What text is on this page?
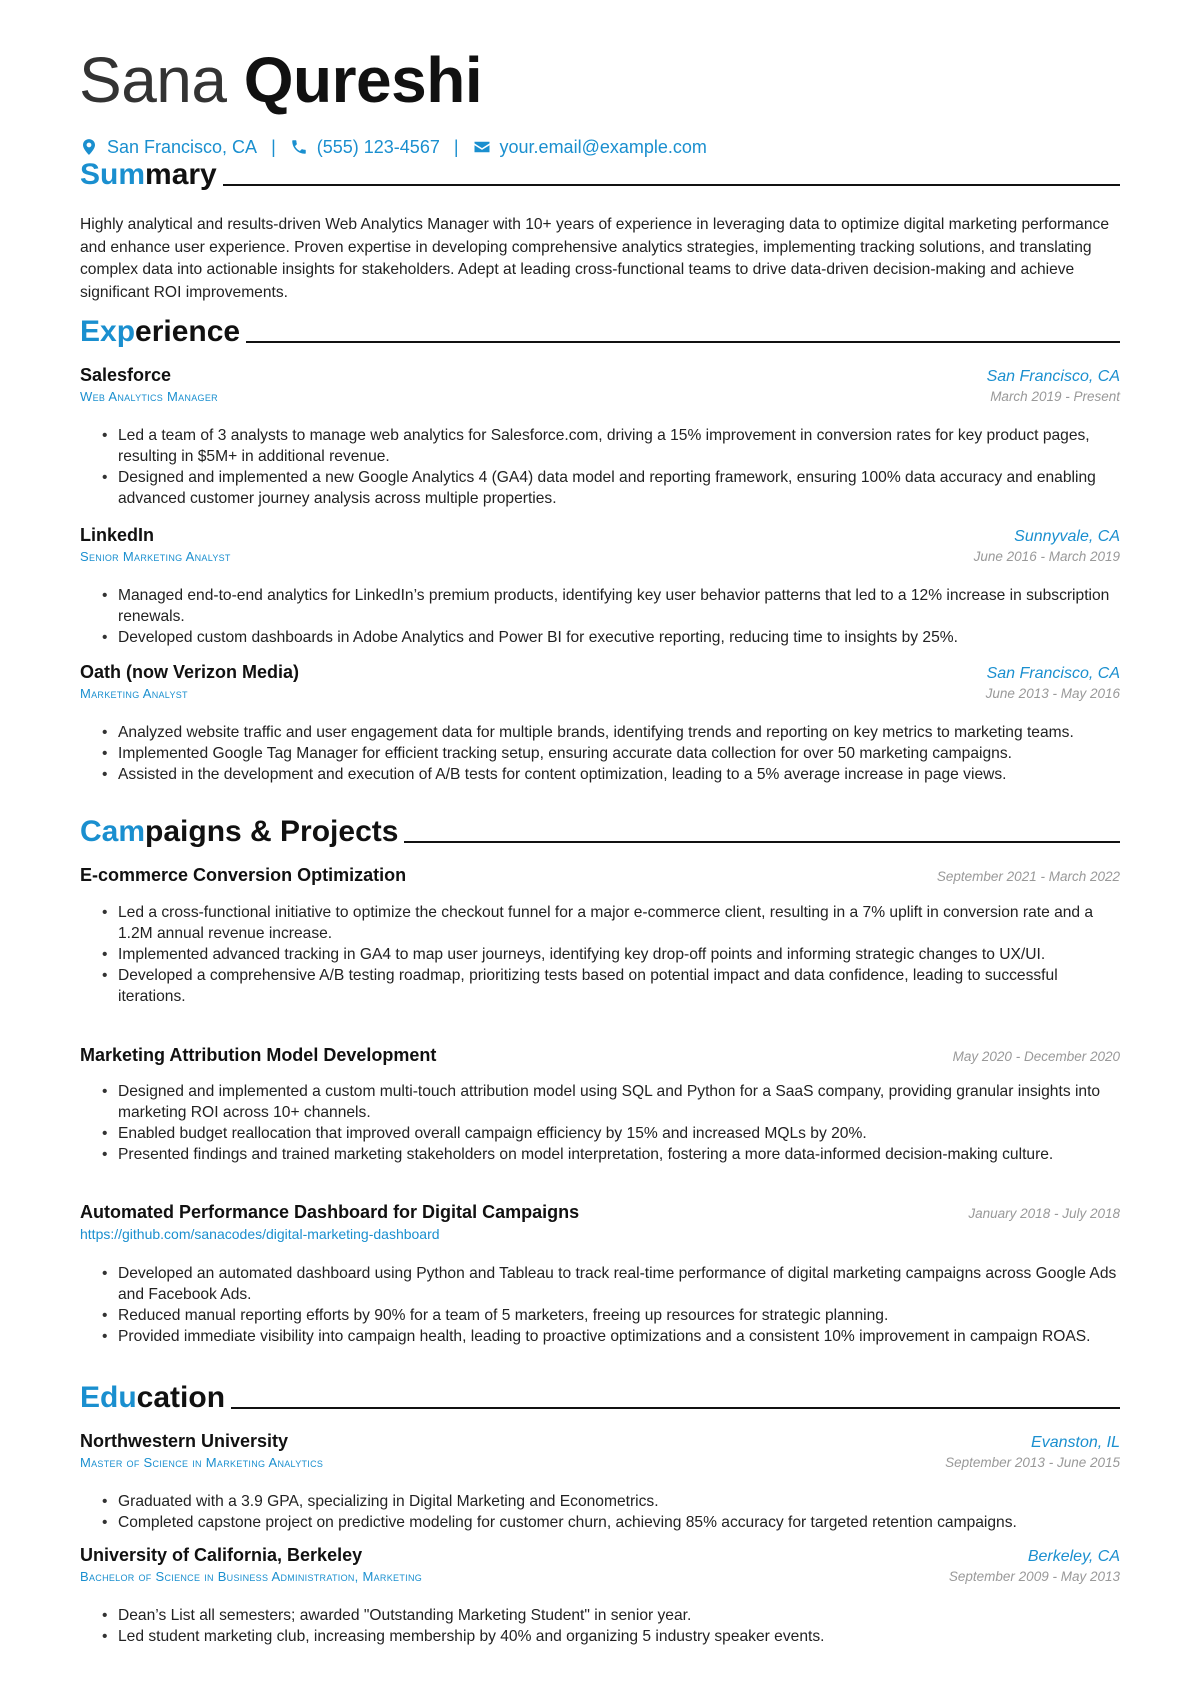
Sana Qureshi
San Francisco, CA | (555) 123-4567 | your.email@example.com
Summary
Highly analytical and results-driven Web Analytics Manager with 10+ years of experience in leveraging data to optimize digital marketing performance and enhance user experience. Proven expertise in developing comprehensive analytics strategies, implementing tracking solutions, and translating complex data into actionable insights for stakeholders. Adept at leading cross-functional teams to drive data-driven decision-making and achieve significant ROI improvements.
Experience
Salesforce	San Francisco, CA
Web Analytics Manager	March 2019 - Present
• Led a team of 3 analysts to manage web analytics for Salesforce.com, driving a 15% improvement in conversion rates for key product pages, resulting in $5M+ in additional revenue.
• Designed and implemented a new Google Analytics 4 (GA4) data model and reporting framework, ensuring 100% data accuracy and enabling advanced customer journey analysis across multiple properties.
LinkedIn	Sunnyvale, CA
Senior Marketing Analyst	June 2016 - March 2019
• Managed end-to-end analytics for LinkedIn’s premium products, identifying key user behavior patterns that led to a 12% increase in subscription renewals.
• Developed custom dashboards in Adobe Analytics and Power BI for executive reporting, reducing time to insights by 25%.
Oath (now Verizon Media)	San Francisco, CA
Marketing Analyst	June 2013 - May 2016
• Analyzed website traffic and user engagement data for multiple brands, identifying trends and reporting on key metrics to marketing teams.
• Implemented Google Tag Manager for efficient tracking setup, ensuring accurate data collection for over 50 marketing campaigns.
• Assisted in the development and execution of A/B tests for content optimization, leading to a 5% average increase in page views.
Campaigns & Projects
E-commerce Conversion Optimization	September 2021 - March 2022
• Led a cross-functional initiative to optimize the checkout funnel for a major e-commerce client, resulting in a 7% uplift in conversion rate and a 1.2M annual revenue increase.
• Implemented advanced tracking in GA4 to map user journeys, identifying key drop-off points and informing strategic changes to UX/UI.
• Developed a comprehensive A/B testing roadmap, prioritizing tests based on potential impact and data confidence, leading to successful iterations.
Marketing Attribution Model Development	May 2020 - December 2020
• Designed and implemented a custom multi-touch attribution model using SQL and Python for a SaaS company, providing granular insights into marketing ROI across 10+ channels.
• Enabled budget reallocation that improved overall campaign efficiency by 15% and increased MQLs by 20%.
• Presented findings and trained marketing stakeholders on model interpretation, fostering a more data-informed decision-making culture.
Automated Performance Dashboard for Digital Campaigns	January 2018 - July 2018
https://github.com/sanacodes/digital-marketing-dashboard
• Developed an automated dashboard using Python and Tableau to track real-time performance of digital marketing campaigns across Google Ads and Facebook Ads.
• Reduced manual reporting efforts by 90% for a team of 5 marketers, freeing up resources for strategic planning.
• Provided immediate visibility into campaign health, leading to proactive optimizations and a consistent 10% improvement in campaign ROAS.
Education
Northwestern University	Evanston, IL
Master of Science in Marketing Analytics	September 2013 - June 2015
• Graduated with a 3.9 GPA, specializing in Digital Marketing and Econometrics.
• Completed capstone project on predictive modeling for customer churn, achieving 85% accuracy for targeted retention campaigns.
University of California, Berkeley	Berkeley, CA
Bachelor of Science in Business Administration, Marketing	September 2009 - May 2013
• Dean’s List all semesters; awarded "Outstanding Marketing Student" in senior year.
• Led student marketing club, increasing membership by 40% and organizing 5 industry speaker events.
